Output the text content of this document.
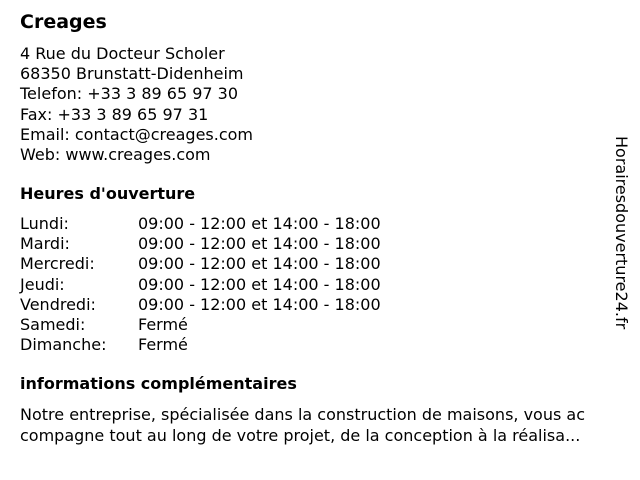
Creages
4 Rue du Docteur Scholer
68350 Brunstatt-Didenheim
Telefon: +33 3 89 65 97 30
Fax: +33 3 89 65 97 31
Email: contact@creages.com
Web: www.creages.com
Heures d'ouverture
Lundi:	09:00 - 12:00 et 14:00 - 18:00
Mardi:	09:00 - 12:00 et 14:00 - 18:00
Mercredi:	09:00 - 12:00 et 14:00 - 18:00
Jeudi:	09:00 - 12:00 et 14:00 - 18:00
Vendredi:	09:00 - 12:00 et 14:00 - 18:00
Samedi:	Fermé
Dimanche: Fermé
informations complémentaires
Notre entreprise, spécialisée dans la construction de maisons, vous ac
compagne tout au long de votre projet, de la conception à la réalisa...
Horairesdouverture24.fr
